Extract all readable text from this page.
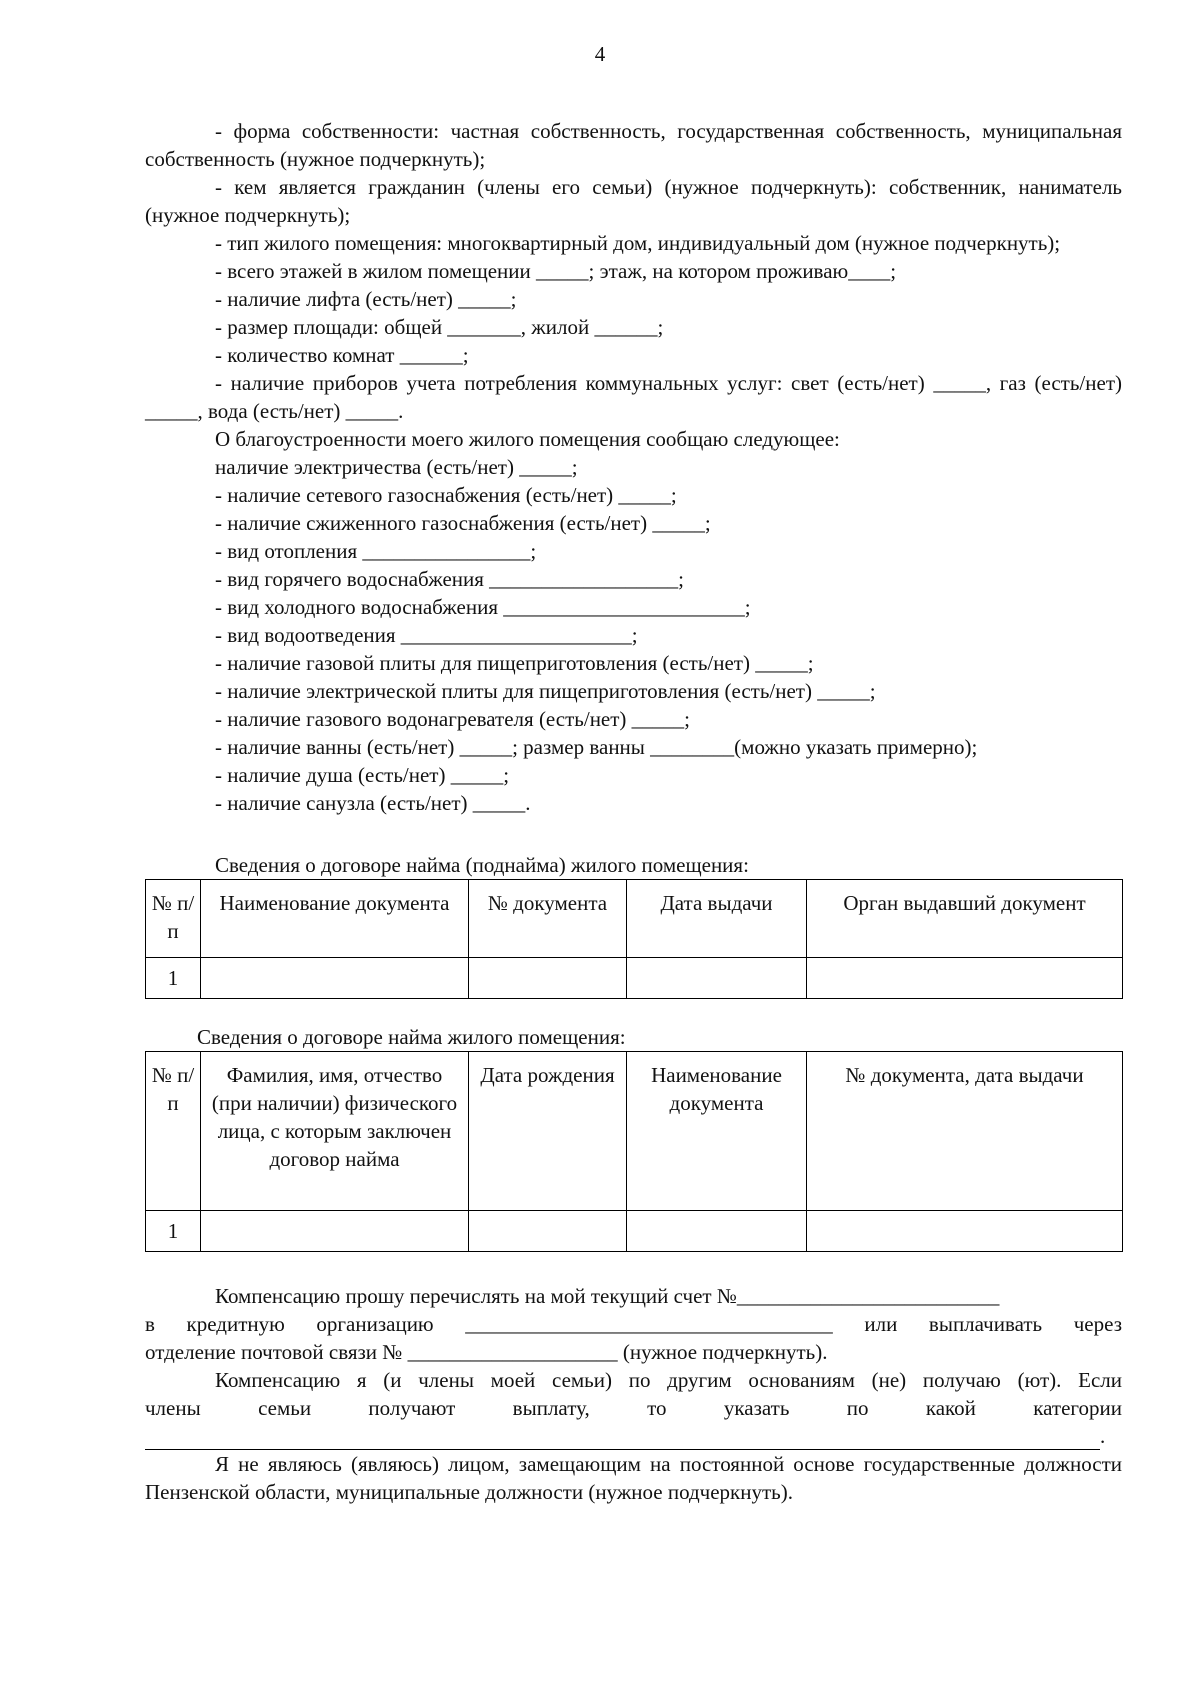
4

- форма собственности: частная собственность, государственная собственность, муниципальная собственность (нужное подчеркнуть);

- кем является гражданин (члены его семьи) (нужное подчеркнуть): собственник, наниматель (нужное подчеркнуть);

- тип жилого помещения: многоквартирный дом, индивидуальный дом (нужное подчеркнуть);

- всего этажей в жилом помещении _____; этаж, на котором проживаю____;

- наличие лифта (есть/нет) _____;

- размер площади: общей _______, жилой ______;

- количество комнат ______;

- наличие приборов учета потребления коммунальных услуг: свет (есть/нет) _____, газ (есть/нет) _____, вода (есть/нет) _____.

О благоустроенности моего жилого помещения сообщаю следующее:

наличие электричества (есть/нет) _____;

- наличие сетевого газоснабжения (есть/нет) _____;

- наличие сжиженного газоснабжения (есть/нет) _____;

- вид отопления ________________;

- вид горячего водоснабжения __________________;

- вид холодного водоснабжения _______________________;

- вид водоотведения ______________________;

- наличие газовой плиты для пищеприготовления (есть/нет) _____;

- наличие электрической плиты для пищеприготовления (есть/нет) _____;

- наличие газового водонагревателя (есть/нет) _____;

- наличие ванны (есть/нет) _____; размер ванны ________(можно указать примерно);

- наличие душа (есть/нет) _____;

- наличие санузла (есть/нет) _____.

Сведения о договоре найма (поднайма) жилого помещения:

№ п/п	Наименование документа	№ документа	Дата выдачи	Орган выдавший документ
1				

Сведения о договоре найма жилого помещения:

№ п/п	Фамилия, имя, отчество (при наличии) физического лица, с которым заключен договор найма	Дата рождения	Наименование документа	№ документа, дата выдачи
1				

Компенсацию прошу перечислять на мой текущий счет №_________________________

в кредитную организацию ___________________________________ или выплачивать через

отделение почтовой связи № ____________________ (нужное подчеркнуть).

Компенсацию я (и члены моей семьи) по другим основаниям (не) получаю (ют). Если

члены семьи получают выплату, то указать по какой категории

.

Я не являюсь (являюсь) лицом, замещающим на постоянной основе государственные должности Пензенской области, муниципальные должности (нужное подчеркнуть).
